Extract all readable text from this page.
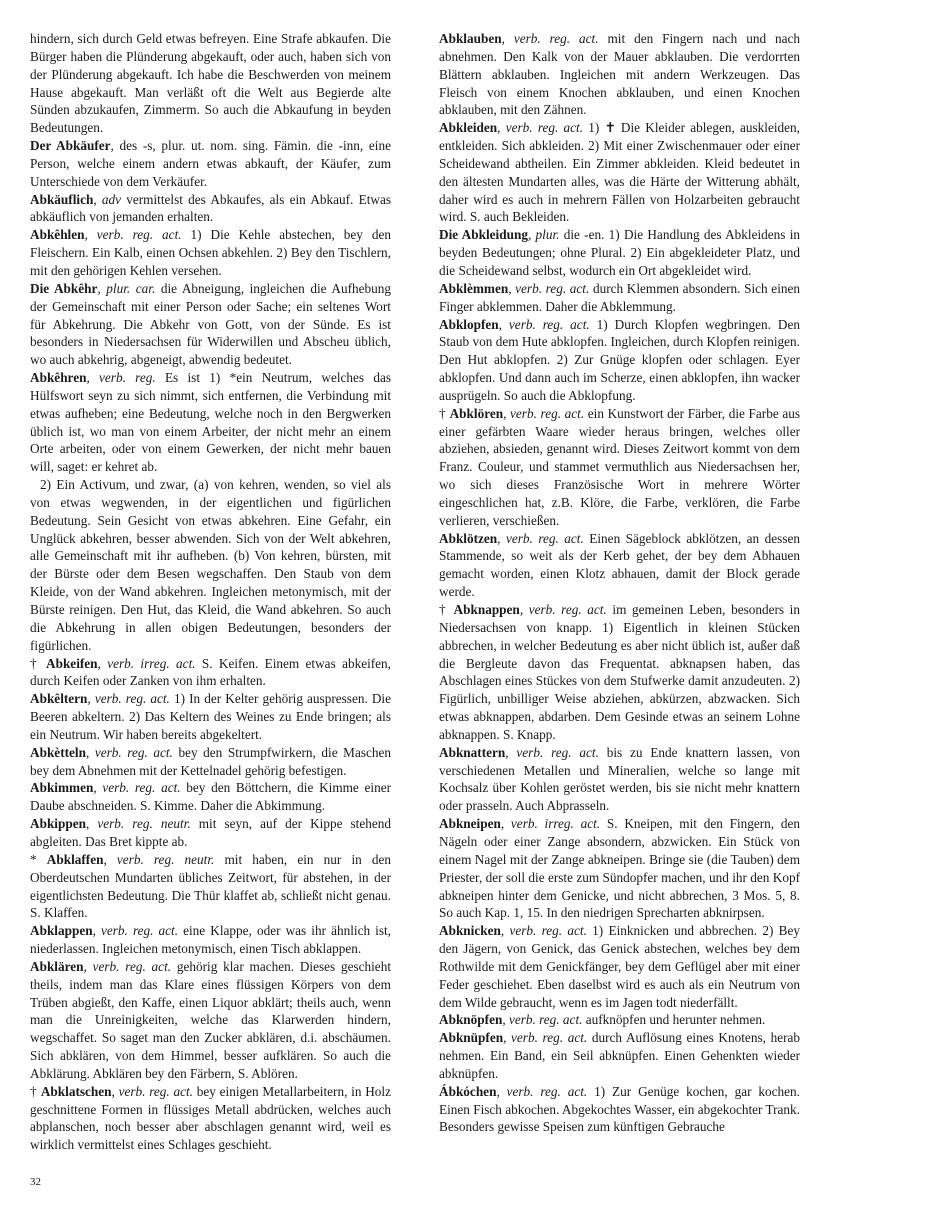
hindern, sich durch Geld etwas befreyen. Eine Strafe abkaufen. Die Bürger haben die Plünderung abgekauft, oder auch, haben sich von der Plünderung abgekauft. Ich habe die Beschwerden von meinem Hause abgekauft. Man verläßt oft die Welt aus Begierde alte Sünden abzukaufen, Zimmerm. So auch die Abkaufung in beyden Bedeutungen.

Der Abkäufer, des -s, plur. ut. nom. sing. Fämin. die -inn, eine Person, welche einem andern etwas abkauft, der Käufer, zum Unterschiede von dem Verkäufer.

Abkäuflich, adv vermittelst des Abkaufes, als ein Abkauf. Etwas abkäuflich von jemanden erhalten.

Abkêhlen, verb. reg. act. 1) Die Kehle abstechen, bey den Fleischern. Ein Kalb, einen Ochsen abkehlen. 2) Bey den Tischlern, mit den gehörigen Kehlen versehen.

Die Abkêhr, plur. car. die Abneigung, ingleichen die Aufhebung der Gemeinschaft mit einer Person oder Sache; ein seltenes Wort für Abkehrung. Die Abkehr von Gott, von der Sünde. Es ist besonders in Niedersachsen für Widerwillen und Abscheu üblich, wo auch abkehrig, abgeneigt, abwendig bedeutet.

Abkêhren, verb. reg. Es ist 1) *ein Neutrum, welches das Hülfswort seyn zu sich nimmt, sich entfernen, die Verbindung mit etwas aufheben; eine Bedeutung, welche noch in den Bergwerken üblich ist, wo man von einem Arbeiter, der nicht mehr an einem Orte arbeiten, oder von einem Gewerken, der nicht mehr bauen will, saget: er kehret ab.

2) Ein Activum, und zwar, (a) von kehren, wenden, so viel als von etwas wegwenden, in der eigentlichen und figürlichen Bedeutung. Sein Gesicht von etwas abkehren. Eine Gefahr, ein Unglück abkehren, besser abwenden. Sich von der Welt abkehren, alle Gemeinschaft mit ihr aufheben. (b) Von kehren, bürsten, mit der Bürste oder dem Besen wegschaffen. Den Staub von dem Kleide, von der Wand abkehren. Ingleichen metonymisch, mit der Bürste reinigen. Den Hut, das Kleid, die Wand abkehren. So auch die Abkehrung in allen obigen Bedeutungen, besonders der figürlichen.

† Abkeifen, verb. irreg. act. S. Keifen. Einem etwas abkeifen, durch Keifen oder Zanken von ihm erhalten.

Abkêltern, verb. reg. act. 1) In der Kelter gehörig auspressen. Die Beeren abkeltern. 2) Das Keltern des Weines zu Ende bringen; als ein Neutrum. Wir haben bereits abgekeltert.

Abkètteln, verb. reg. act. bey den Strumpfwirkern, die Maschen bey dem Abnehmen mit der Kettelnadel gehörig befestigen.

Abkimmen, verb. reg. act. bey den Böttchern, die Kimme einer Daube abschneiden. S. Kimme. Daher die Abkimmung.

Abkippen, verb. reg. neutr. mit seyn, auf der Kippe stehend abgleiten. Das Bret kippte ab.

* Abklaffen, verb. reg. neutr. mit haben, ein nur in den Oberdeutschen Mundarten übliches Zeitwort, für abstehen, in der eigentlichsten Bedeutung. Die Thür klaffet ab, schließt nicht genau. S. Klaffen.

Abklappen, verb. reg. act. eine Klappe, oder was ihr ähnlich ist, niederlassen. Ingleichen metonymisch, einen Tisch abklappen.

Abklären, verb. reg. act. gehörig klar machen. Dieses geschieht theils, indem man das Klare eines flüssigen Körpers von dem Trüben abgießt, den Kaffe, einen Liquor abklärt; theils auch, wenn man die Unreinigkeiten, welche das Klarwerden hindern, wegschaffet. So saget man den Zucker abklären, d.i. abschäumen. Sich abklären, von dem Himmel, besser aufklären. So auch die Abklärung. Abklären bey den Färbern, S. Ablören.

† Abklatschen, verb. reg. act. bey einigen Metallarbeitern, in Holz geschnittene Formen in flüssiges Metall abdrücken, welches auch abplanschen, noch besser aber abschlagen genannt wird, weil es wirklich vermittelst eines Schlages geschieht.

Abklauben, verb. reg. act. mit den Fingern nach und nach abnehmen. Den Kalk von der Mauer abklauben. Die verdorrten Blättern abklauben. Ingleichen mit andern Werkzeugen. Das Fleisch von einem Knochen abklauben, und einen Knochen abklauben, mit den Zähnen.

Abkleiden, verb. reg. act. 1) ✝ Die Kleider ablegen, auskleiden, entkleiden. Sich abkleiden. 2) Mit einer Zwischenmauer oder einer Scheidewand abtheilen. Ein Zimmer abkleiden. Kleid bedeutet in den ältesten Mundarten alles, was die Härte der Witterung abhält, daher wird es auch in mehrern Fällen von Holzarbeiten gebraucht wird. S. auch Bekleiden.

Die Abkleidung, plur. die -en. 1) Die Handlung des Abkleidens in beyden Bedeutungen; ohne Plural. 2) Ein abgekleideter Platz, und die Scheidewand selbst, wodurch ein Ort abgekleidet wird.

Abklèmmen, verb. reg. act. durch Klemmen absondern. Sich einen Finger abklemmen. Daher die Abklemmung.

Abklopfen, verb. reg. act. 1) Durch Klopfen wegbringen. Den Staub von dem Hute abklopfen. Ingleichen, durch Klopfen reinigen. Den Hut abklopfen. 2) Zur Gnüge klopfen oder schlagen. Eyer abklopfen. Und dann auch im Scherze, einen abklopfen, ihn wacker ausprügeln. So auch die Abklopfung.

† Abklören, verb. reg. act. ein Kunstwort der Färber, die Farbe aus einer gefärbten Waare wieder heraus bringen, welches oller abziehen, absieden, genannt wird. Dieses Zeitwort kommt von dem Franz. Couleur, und stammet vermuthlich aus Niedersachsen her, wo sich dieses Französische Wort in mehrere Wörter eingeschlichen hat, z.B. Klöre, die Farbe, verklören, die Farbe verlieren, verschießen.

Abklötzen, verb. reg. act. Einen Sägeblock abklötzen, an dessen Stammende, so weit als der Kerb gehet, der bey dem Abhauen gemacht worden, einen Klotz abhauen, damit der Block gerade werde.

† Abknappen, verb. reg. act. im gemeinen Leben, besonders in Niedersachsen von knapp. 1) Eigentlich in kleinen Stücken abbrechen, in welcher Bedeutung es aber nicht üblich ist, außer daß die Bergleute davon das Frequentat. abknapsen haben, das Abschlagen eines Stückes von dem Stufwerke damit anzudeuten. 2) Figürlich, unbilliger Weise abziehen, abkürzen, abzwacken. Sich etwas abknappen, abdarben. Dem Gesinde etwas an seinem Lohne abknappen. S. Knapp.

Abknattern, verb. reg. act. bis zu Ende knattern lassen, von verschiedenen Metallen und Mineralien, welche so lange mit Kochsalz über Kohlen geröstet werden, bis sie nicht mehr knattern oder prasseln. Auch Abprasseln.

Abkneipen, verb. irreg. act. S. Kneipen, mit den Fingern, den Nägeln oder einer Zange absondern, abzwicken. Ein Stück von einem Nagel mit der Zange abkneipen. Bringe sie (die Tauben) dem Priester, der soll die erste zum Sündopfer machen, und ihr den Kopf abkneipen hinter dem Genicke, und nicht abbrechen, 3 Mos. 5, 8. So auch Kap. 1, 15. In den niedrigen Sprecharten abknirpsen.

Abknicken, verb. reg. act. 1) Einknicken und abbrechen. 2) Bey den Jägern, von Genick, das Genick abstechen, welches bey dem Rothwilde mit dem Genickfänger, bey dem Geflügel aber mit einer Feder geschiehet. Eben daselbst wird es auch als ein Neutrum von dem Wilde gebraucht, wenn es im Jagen todt niederfällt.

Abknöpfen, verb. reg. act. aufknöpfen und herunter nehmen.

Abknüpfen, verb. reg. act. durch Auflösung eines Knotens, herab nehmen. Ein Band, ein Seil abknüpfen. Einen Gehenkten wieder abknüpfen.

Ábkóchen, verb. reg. act. 1) Zur Genüge kochen, gar kochen. Einen Fisch abkochen. Abgekochtes Wasser, ein abgekochter Trank. Besonders gewisse Speisen zum künftigen Gebrauche

32
